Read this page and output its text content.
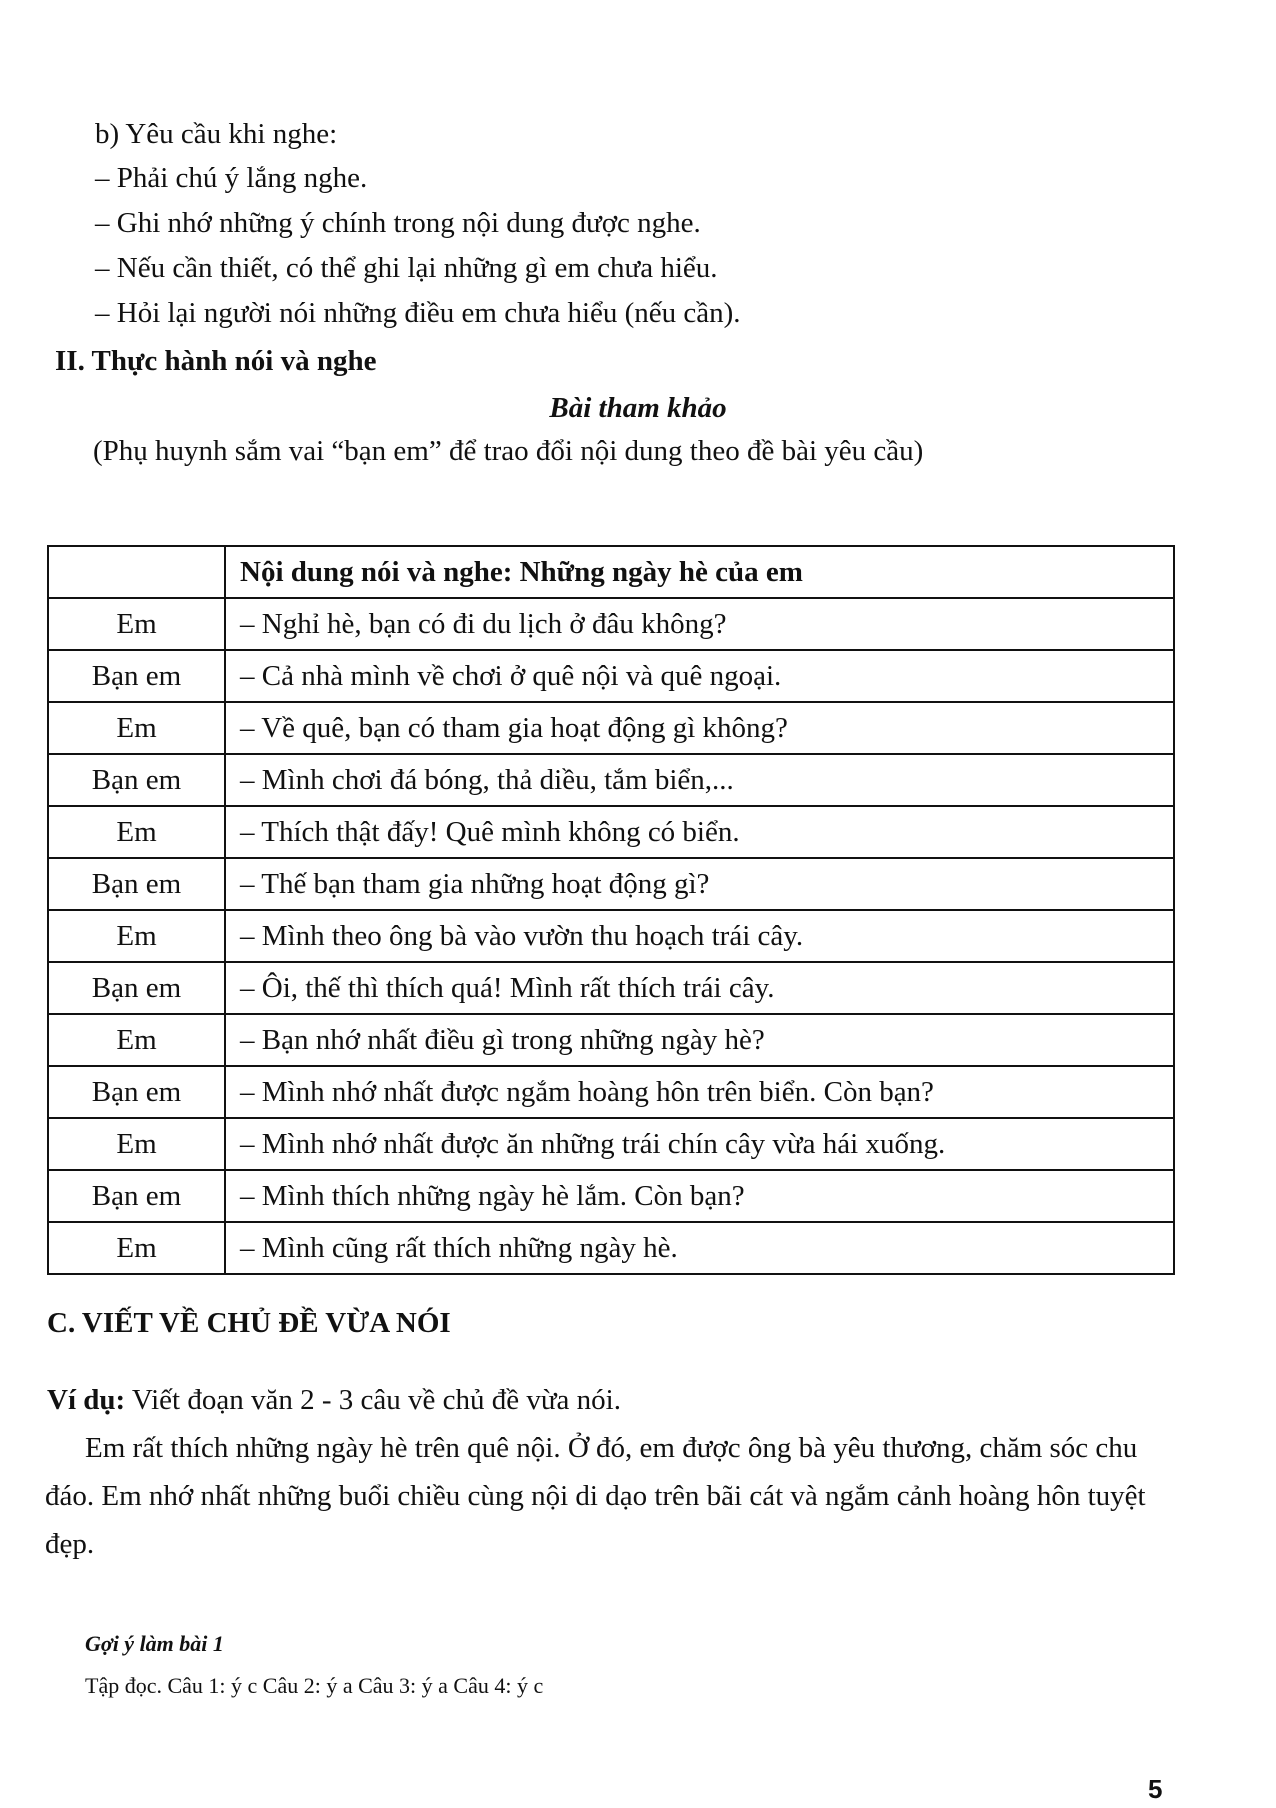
b) Yêu cầu khi nghe:
– Phải chú ý lắng nghe.
– Ghi nhớ những ý chính trong nội dung được nghe.
– Nếu cần thiết, có thể ghi lại những gì em chưa hiểu.
– Hỏi lại người nói những điều em chưa hiểu (nếu cần).
II. Thực hành nói và nghe
Bài tham khảo
(Phụ huynh sắm vai “bạn em” để trao đổi nội dung theo đề bài yêu cầu)
	Nội dung nói và nghe: Những ngày hè của em
Em	– Nghỉ hè, bạn có đi du lịch ở đâu không?
Bạn em	– Cả nhà mình về chơi ở quê nội và quê ngoại.
Em	– Về quê, bạn có tham gia hoạt động gì không?
Bạn em	– Mình chơi đá bóng, thả diều, tắm biển,...
Em	– Thích thật đấy! Quê mình không có biển.
Bạn em	– Thế bạn tham gia những hoạt động gì?
Em	– Mình theo ông bà vào vườn thu hoạch trái cây.
Bạn em	– Ôi, thế thì thích quá! Mình rất thích trái cây.
Em	– Bạn nhớ nhất điều gì trong những ngày hè?
Bạn em	– Mình nhớ nhất được ngắm hoàng hôn trên biển. Còn bạn?
Em	– Mình nhớ nhất được ăn những trái chín cây vừa hái xuống.
Bạn em	– Mình thích những ngày hè lắm. Còn bạn?
Em	– Mình cũng rất thích những ngày hè.
C. VIẾT VỀ CHỦ ĐỀ VỪA NÓI
Ví dụ: Viết đoạn văn 2 - 3 câu về chủ đề vừa nói.
Em rất thích những ngày hè trên quê nội. Ở đó, em được ông bà yêu thương, chăm sóc chu đáo. Em nhớ nhất những buổi chiều cùng nội di dạo trên bãi cát và ngắm cảnh hoàng hôn tuyệt đẹp.
Gợi ý làm bài 1
Tập đọc. Câu 1: ý c Câu 2: ý a Câu 3: ý a Câu 4: ý c
5
